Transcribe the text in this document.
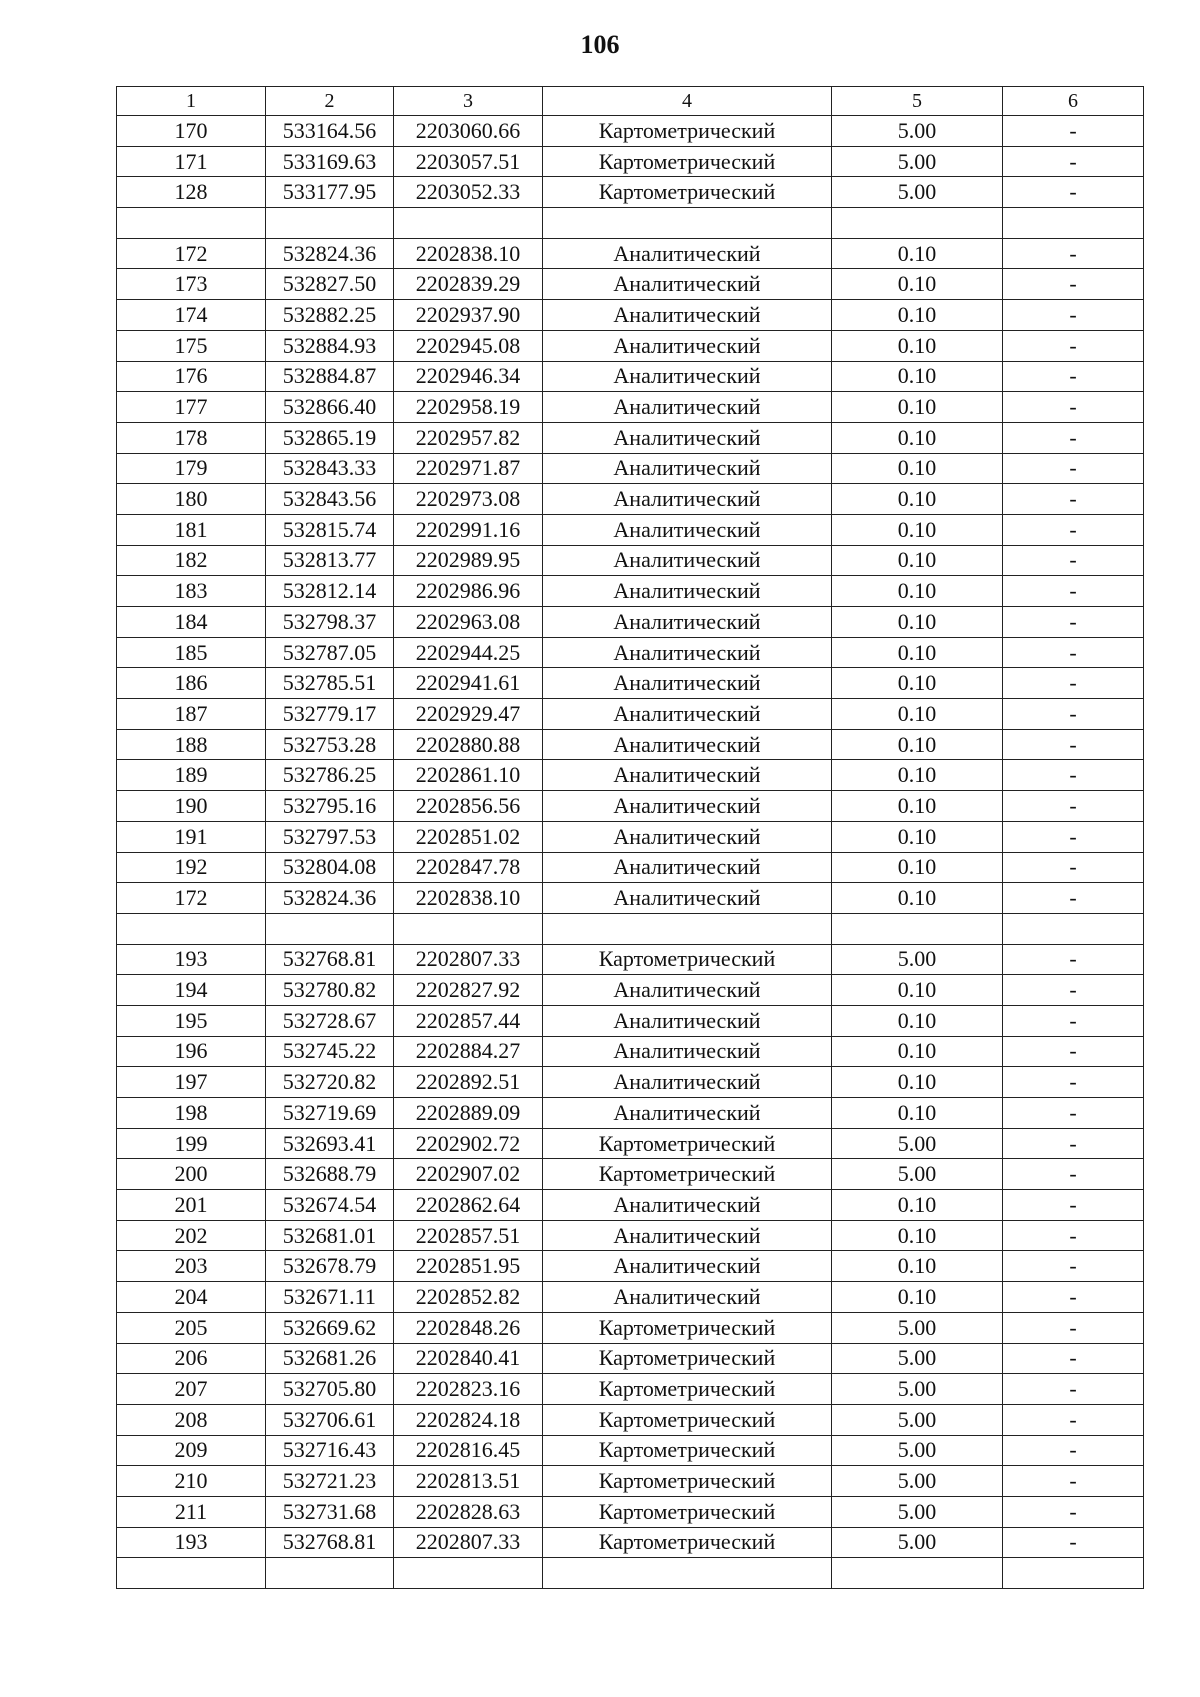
106
1	2	3	4	5	6
170	533164.56	2203060.66	Картометрический	5.00	-
171	533169.63	2203057.51	Картометрический	5.00	-
128	533177.95	2203052.33	Картометрический	5.00	-

172	532824.36	2202838.10	Аналитический	0.10	-
173	532827.50	2202839.29	Аналитический	0.10	-
174	532882.25	2202937.90	Аналитический	0.10	-
175	532884.93	2202945.08	Аналитический	0.10	-
176	532884.87	2202946.34	Аналитический	0.10	-
177	532866.40	2202958.19	Аналитический	0.10	-
178	532865.19	2202957.82	Аналитический	0.10	-
179	532843.33	2202971.87	Аналитический	0.10	-
180	532843.56	2202973.08	Аналитический	0.10	-
181	532815.74	2202991.16	Аналитический	0.10	-
182	532813.77	2202989.95	Аналитический	0.10	-
183	532812.14	2202986.96	Аналитический	0.10	-
184	532798.37	2202963.08	Аналитический	0.10	-
185	532787.05	2202944.25	Аналитический	0.10	-
186	532785.51	2202941.61	Аналитический	0.10	-
187	532779.17	2202929.47	Аналитический	0.10	-
188	532753.28	2202880.88	Аналитический	0.10	-
189	532786.25	2202861.10	Аналитический	0.10	-
190	532795.16	2202856.56	Аналитический	0.10	-
191	532797.53	2202851.02	Аналитический	0.10	-
192	532804.08	2202847.78	Аналитический	0.10	-
172	532824.36	2202838.10	Аналитический	0.10	-

193	532768.81	2202807.33	Картометрический	5.00	-
194	532780.82	2202827.92	Аналитический	0.10	-
195	532728.67	2202857.44	Аналитический	0.10	-
196	532745.22	2202884.27	Аналитический	0.10	-
197	532720.82	2202892.51	Аналитический	0.10	-
198	532719.69	2202889.09	Аналитический	0.10	-
199	532693.41	2202902.72	Картометрический	5.00	-
200	532688.79	2202907.02	Картометрический	5.00	-
201	532674.54	2202862.64	Аналитический	0.10	-
202	532681.01	2202857.51	Аналитический	0.10	-
203	532678.79	2202851.95	Аналитический	0.10	-
204	532671.11	2202852.82	Аналитический	0.10	-
205	532669.62	2202848.26	Картометрический	5.00	-
206	532681.26	2202840.41	Картометрический	5.00	-
207	532705.80	2202823.16	Картометрический	5.00	-
208	532706.61	2202824.18	Картометрический	5.00	-
209	532716.43	2202816.45	Картометрический	5.00	-
210	532721.23	2202813.51	Картометрический	5.00	-
211	532731.68	2202828.63	Картометрический	5.00	-
193	532768.81	2202807.33	Картометрический	5.00	-
